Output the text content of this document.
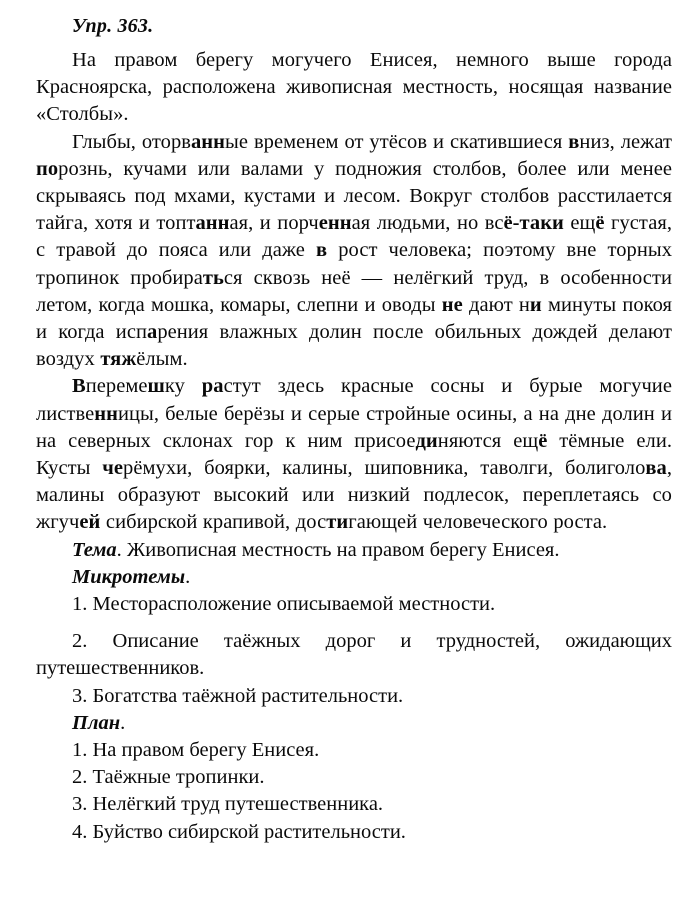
Упр. 363.

На правом берегу могучего Енисея, немного выше города Красноярска, расположена живописная местность, носящая название «Столбы».

Глыбы, оторванные временем от утёсов и скатившиеся вниз, лежат порознь, кучами или валами у подножия столбов, более или менее скрываясь под мхами, кустами и лесом. Вокруг столбов расстилается тайга, хотя и топтанная, и порченная людьми, но всё-таки ещё густая, с травой до пояса или даже в рост человека; поэтому вне торных тропинок пробираться сквозь неё — нелёгкий труд, в особенности летом, когда мошка, комары, слепни и оводы не дают ни минуты покоя и когда испарения влажных долин после обильных дождей делают воздух тяжёлым.

Вперемешку растут здесь красные сосны и бурые могучие лиственницы, белые берёзы и серые стройные осины, а на дне долин и на северных склонах гор к ним присоединяются ещё тёмные ели. Кусты черёмухи, боярки, калины, шиповника, таволги, болиголова, малины образуют высокий или низкий подлесок, переплетаясь со жгучей сибирской крапивой, достигающей человеческого роста.

Тема. Живописная местность на правом берегу Енисея.

Микротемы.

1. Месторасположение описываемой местности.

2. Описание таёжных дорог и трудностей, ожидающих путешественников.

3. Богатства таёжной растительности.

План.

1. На правом берегу Енисея.

2. Таёжные тропинки.

3. Нелёгкий труд путешественника.

4. Буйство сибирской растительности.
